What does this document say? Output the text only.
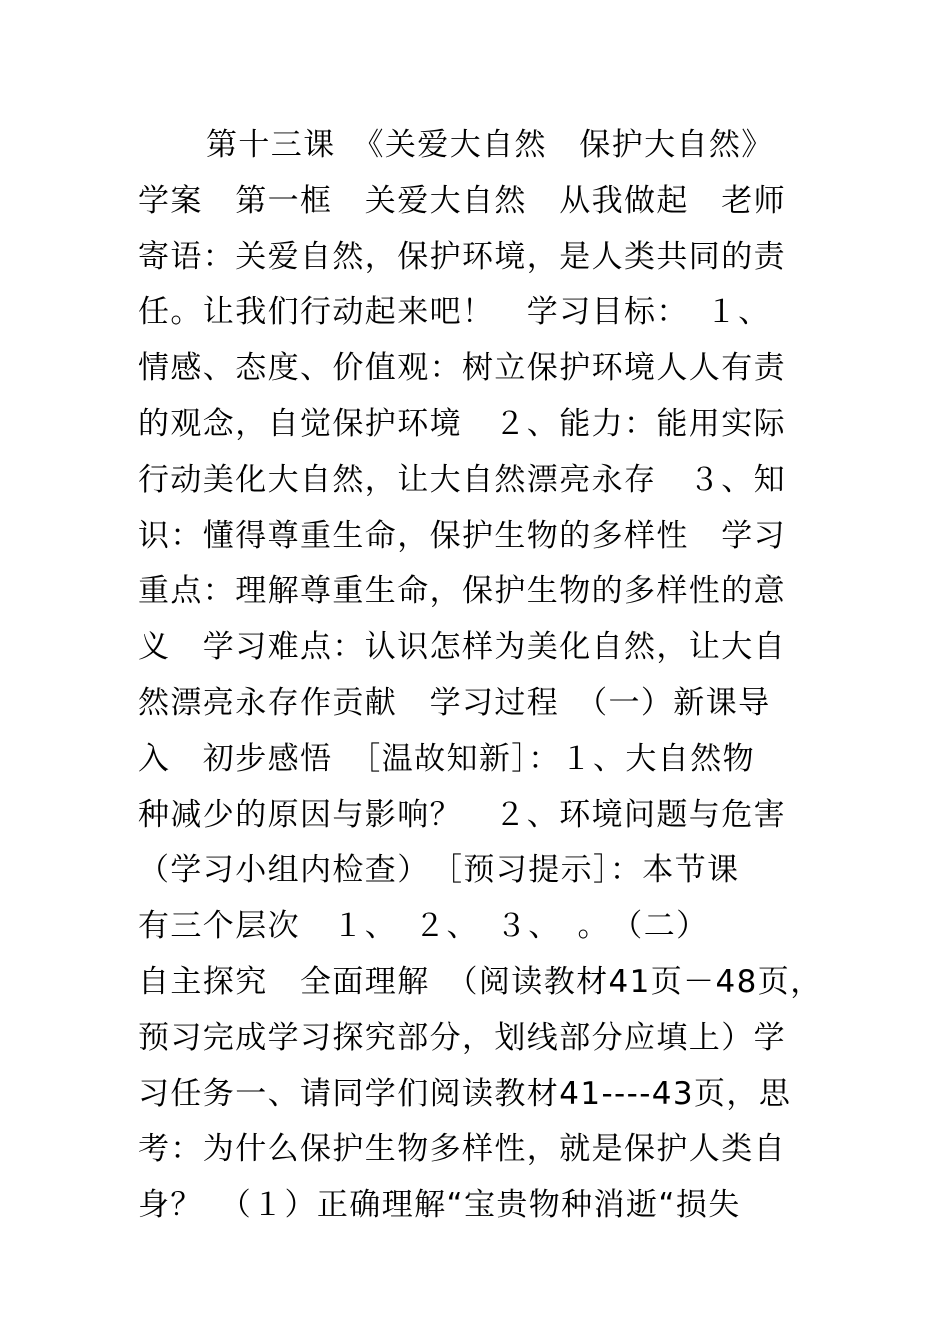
第十三课　《关爱大自然　保护大自然》
学案　第一框　关爱大自然　从我做起　老师
寄语：关爱自然，保护环境，是人类共同的责
任。让我们行动起来吧！　学习目标：　１、
情感、态度、价值观：树立保护环境人人有责
的观念，自觉保护环境　２、能力：能用实际
行动美化大自然，让大自然漂亮永存　３、知
识：懂得尊重生命，保护生物的多样性　学习
重点：理解尊重生命，保护生物的多样性的意
义　学习难点：认识怎样为美化自然，让大自
然漂亮永存作贡献　学习过程　（一）新课导
入　初步感悟　［温故知新］：１、大自然物
种减少的原因与影响？　２、环境问题与危害
（学习小组内检查）　［预习提示］：本节课
有三个层次　１、　２、　３、　。　（二）
自主探究　全面理解　（阅读教材41页－48页，
预习完成学习探究部分，划线部分应填上）学
习任务一、请同学们阅读教材41----43页，思
考：为什么保护生物多样性，就是保护人类自
身？　（１）正确理解“宝贵物种消逝“损失
